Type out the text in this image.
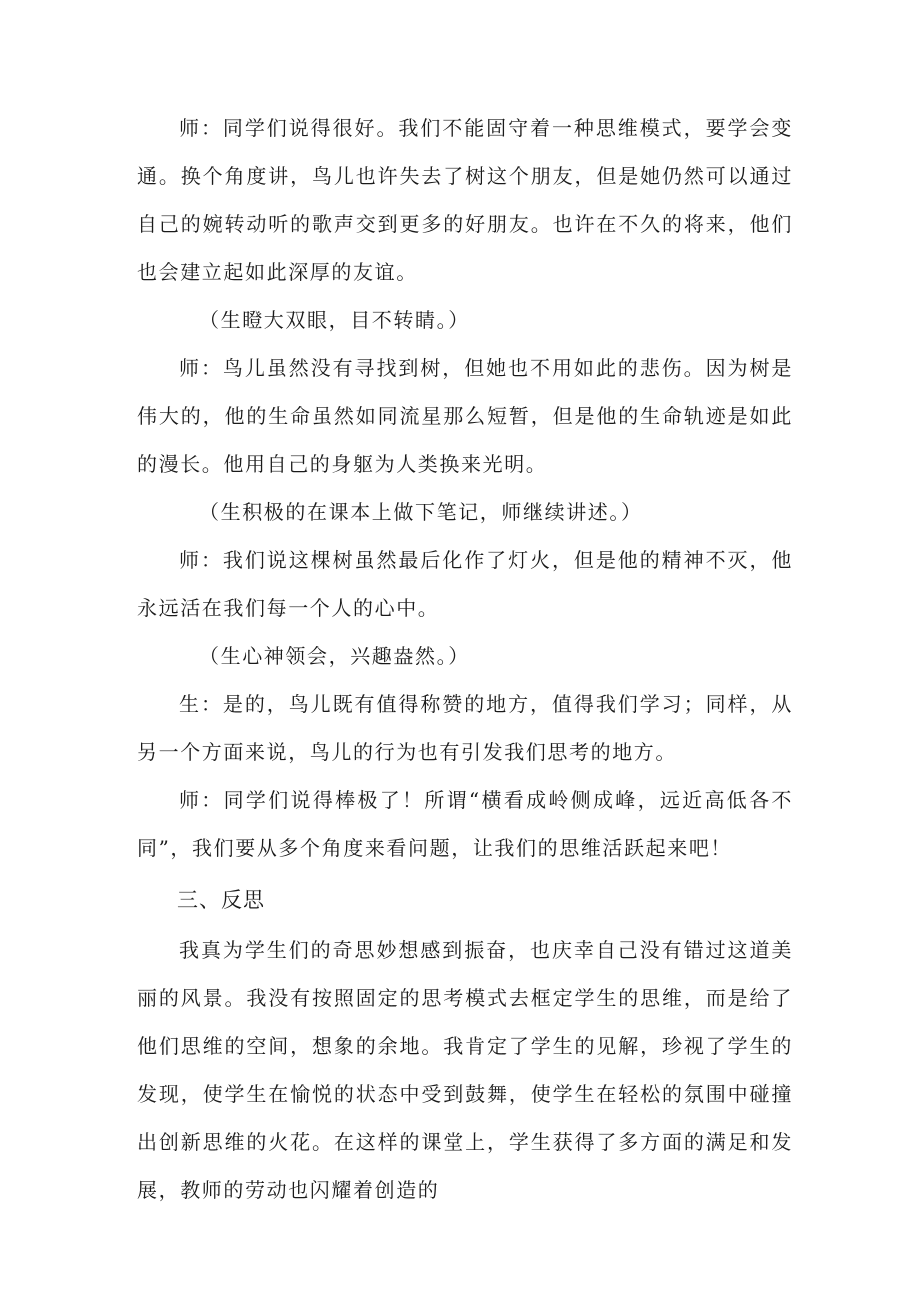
师：同学们说得很好。我们不能固守着一种思维模式，要学会变通。换个角度讲，鸟儿也许失去了树这个朋友，但是她仍然可以通过自己的婉转动听的歌声交到更多的好朋友。也许在不久的将来，他们也会建立起如此深厚的友谊。

（生瞪大双眼，目不转睛。）

师：鸟儿虽然没有寻找到树，但她也不用如此的悲伤。因为树是伟大的，他的生命虽然如同流星那么短暂，但是他的生命轨迹是如此的漫长。他用自己的身躯为人类换来光明。

（生积极的在课本上做下笔记，师继续讲述。）

师：我们说这棵树虽然最后化作了灯火，但是他的精神不灭，他永远活在我们每一个人的心中。

（生心神领会，兴趣盎然。）

生：是的，鸟儿既有值得称赞的地方，值得我们学习；同样，从另一个方面来说，鸟儿的行为也有引发我们思考的地方。

师：同学们说得棒极了！所谓“横看成岭侧成峰，远近高低各不同”，我们要从多个角度来看问题，让我们的思维活跃起来吧！

三、反思

我真为学生们的奇思妙想感到振奋，也庆幸自己没有错过这道美丽的风景。我没有按照固定的思考模式去框定学生的思维，而是给了他们思维的空间，想象的余地。我肯定了学生的见解，珍视了学生的发现，使学生在愉悦的状态中受到鼓舞，使学生在轻松的氛围中碰撞出创新思维的火花。在这样的课堂上，学生获得了多方面的满足和发展，教师的劳动也闪耀着创造的
